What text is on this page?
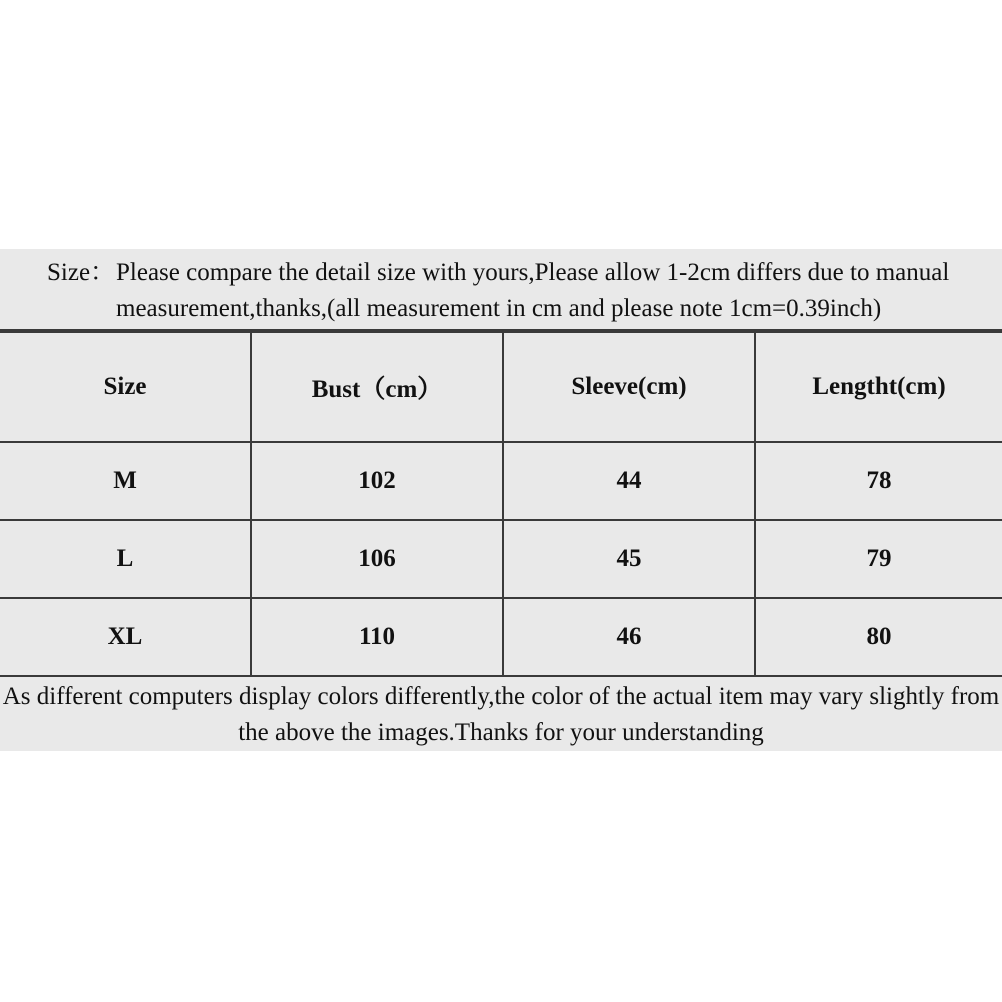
Size： Please compare the detail size with yours,Please allow 1-2cm differs due to manual measurement,thanks,(all measurement in cm and please note 1cm=0.39inch)
Size	Bust（cm）	Sleeve(cm)	Lengtht(cm)
M	102	44	78
L	106	45	79
XL	110	46	80
As different computers display colors differently,the color of the actual item may vary slightly from
the above the images.Thanks for your understanding
